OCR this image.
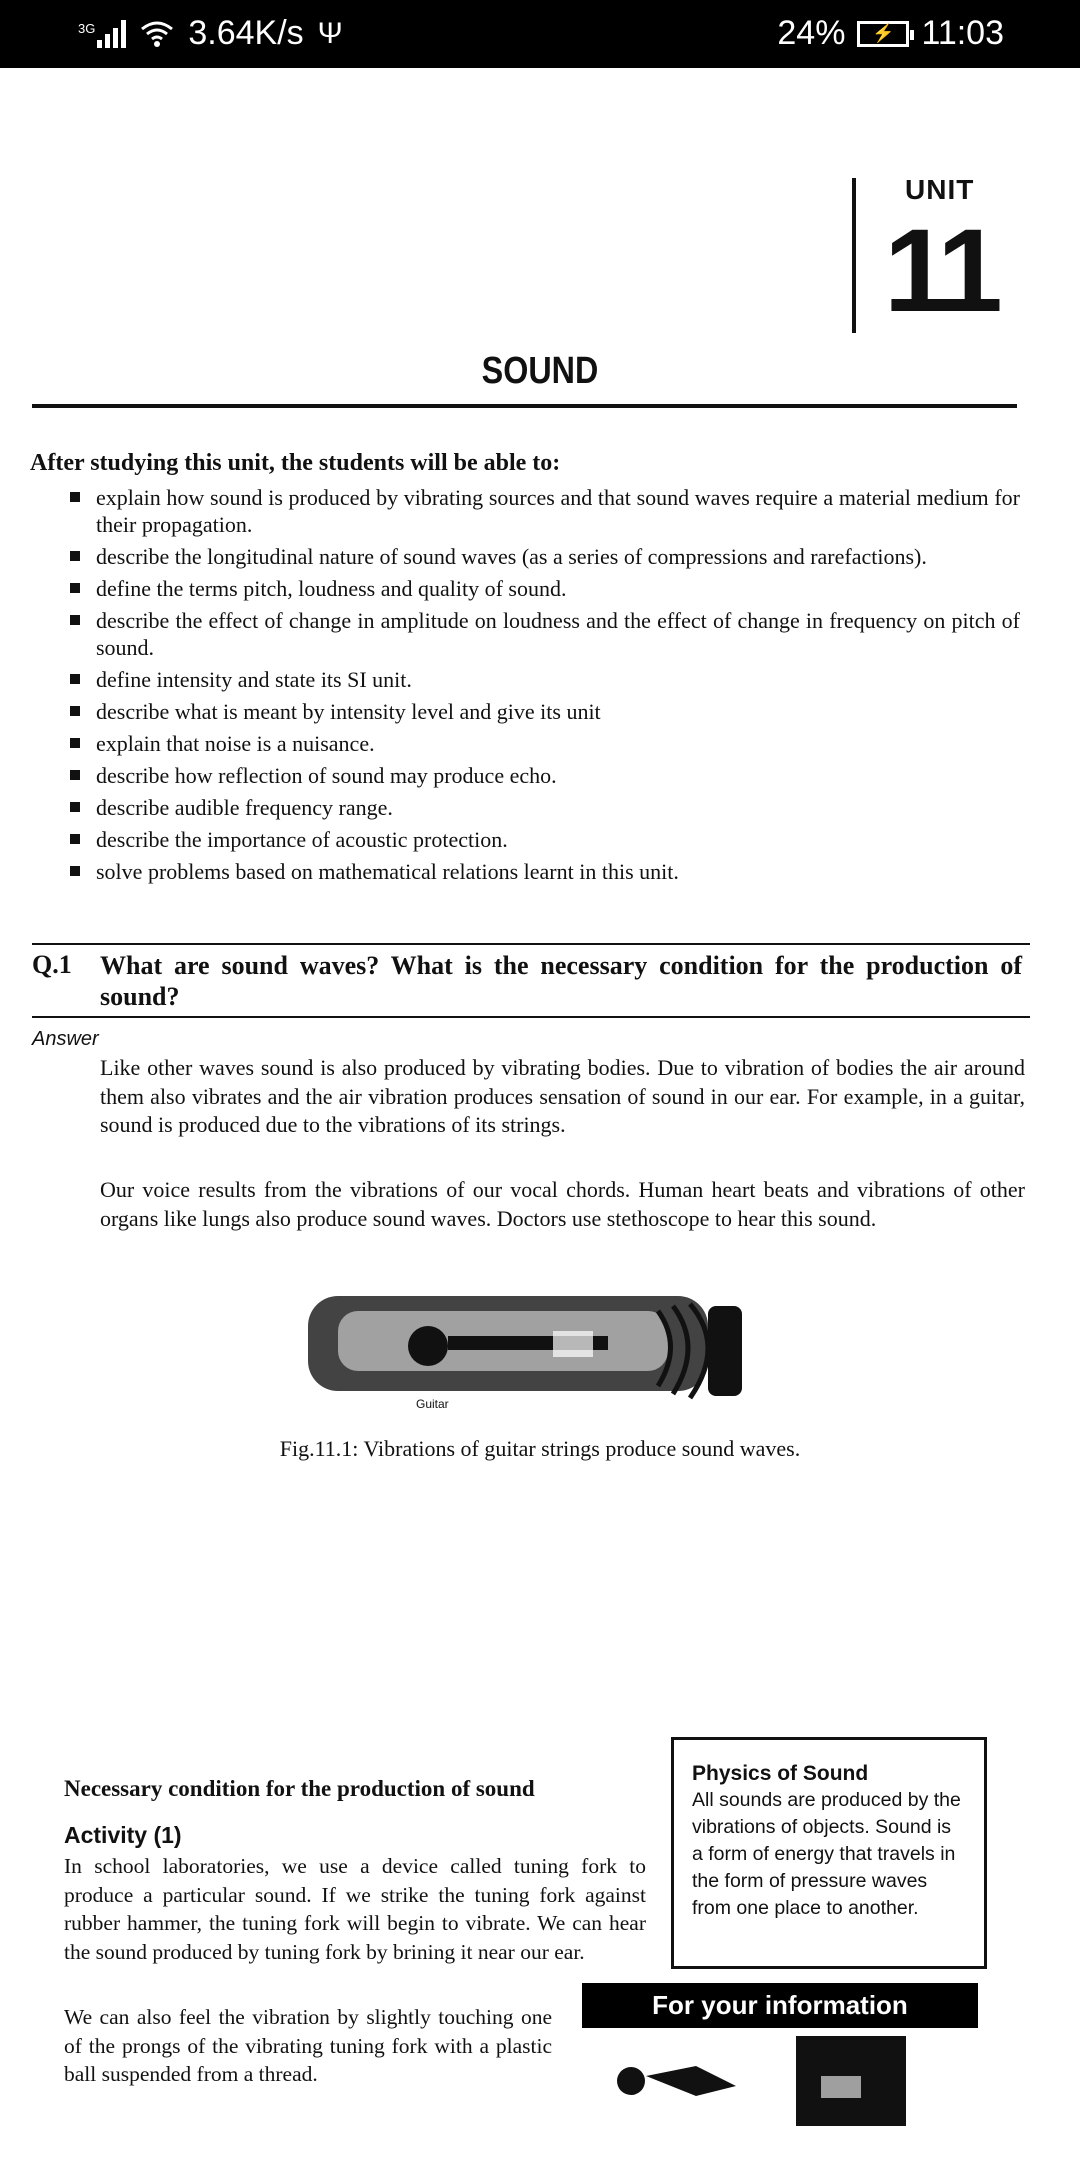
3G	3.64K/s Ψ	24%	⚡ 11:03
UNIT
11
SOUND
After studying this unit, the students will be able to:
explain how sound is produced by vibrating sources and that sound waves require a material medium for their propagation.
describe the longitudinal nature of sound waves (as a series of compressions and rarefactions).
define the terms pitch, loudness and quality of sound.
describe the effect of change in amplitude on loudness and the effect of change in frequency on pitch of sound.
define intensity and state its SI unit.
describe what is meant by intensity level and give its unit
explain that noise is a nuisance.
describe how reflection of sound may produce echo.
describe audible frequency range.
describe the importance of acoustic protection.
solve problems based on mathematical relations learnt in this unit.
Q.1 What are sound waves? What is the necessary condition for the production of sound?
Answer
Like other waves sound is also produced by vibrating bodies. Due to vibration of bodies the air around them also vibrates and the air vibration produces sensation of sound in our ear. For example, in a guitar, sound is produced due to the vibrations of its strings.
Our voice results from the vibrations of our vocal chords. Human heart beats and vibrations of other organs like lungs also produce sound waves. Doctors use stethoscope to hear this sound.
Guitar
Fig.11.1: Vibrations of guitar strings produce sound waves.
Physics of Sound
All sounds are produced by the vibrations of objects. Sound is a form of energy that travels in the form of pressure waves from one place to another.
Necessary condition for the production of sound
Activity (1)
In school laboratories, we use a device called tuning fork to produce a particular sound. If we strike the tuning fork against rubber hammer, the tuning fork will begin to vibrate. We can hear the sound produced by tuning fork by brining it near our ear.
We can also feel the vibration by slightly touching one of the prongs of the vibrating tuning fork with a plastic ball suspended from a thread.
For your information
